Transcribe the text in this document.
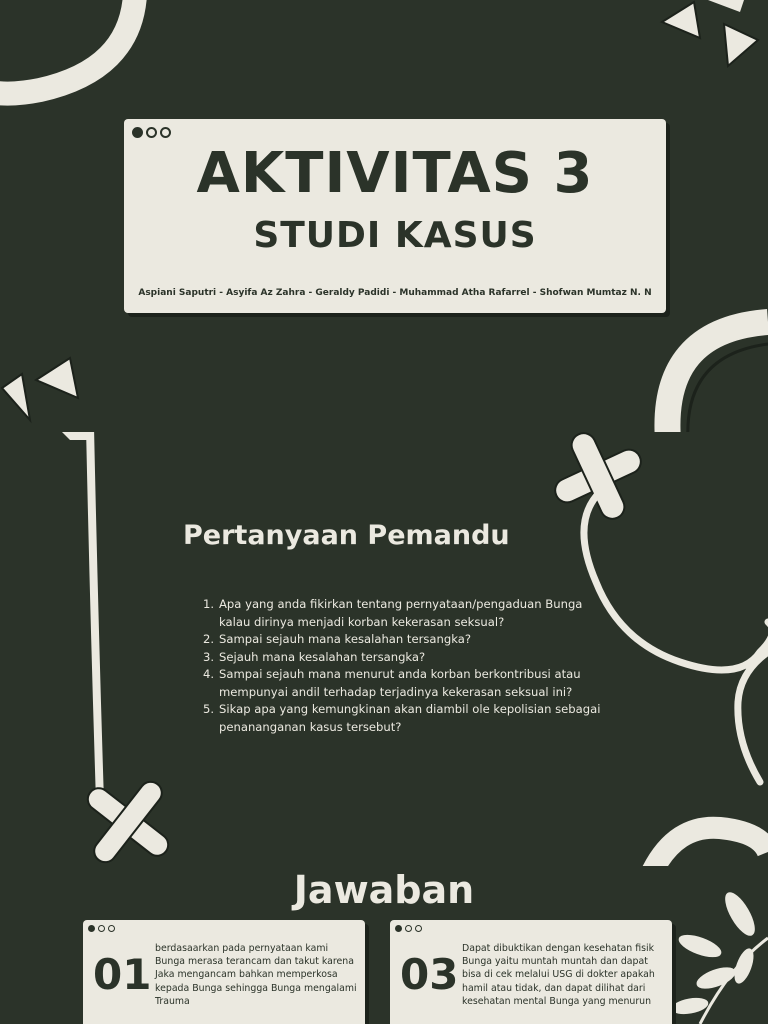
AKTIVITAS 3
STUDI KASUS
Aspiani Saputri - Asyifa Az Zahra - Geraldy Padidi - Muhammad Atha Rafarrel - Shofwan Mumtaz N. N
Pertanyaan Pemandu
1. Apa yang anda fikirkan tentang pernyataan/pengaduan Bunga kalau dirinya menjadi korban kekerasan seksual?
2. Sampai sejauh mana kesalahan tersangka?
3. Sejauh mana kesalahan tersangka?
4. Sampai sejauh mana menurut anda korban berkontribusi atau mempunyai andil terhadap terjadinya kekerasan seksual ini?
5. Sikap apa yang kemungkinan akan diambil ole kepolisian sebagai penananganan kasus tersebut?
Jawaban
01
berdasaarkan pada pernyataan kami Bunga merasa terancam dan takut karena Jaka mengancam bahkan memperkosa kepada Bunga sehingga Bunga mengalami Trauma
03
Dapat dibuktikan dengan kesehatan fisik Bunga yaitu muntah muntah dan dapat bisa di cek melalui USG di dokter apakah hamil atau tidak, dan dapat dilihat dari kesehatan mental Bunga yang menurun
